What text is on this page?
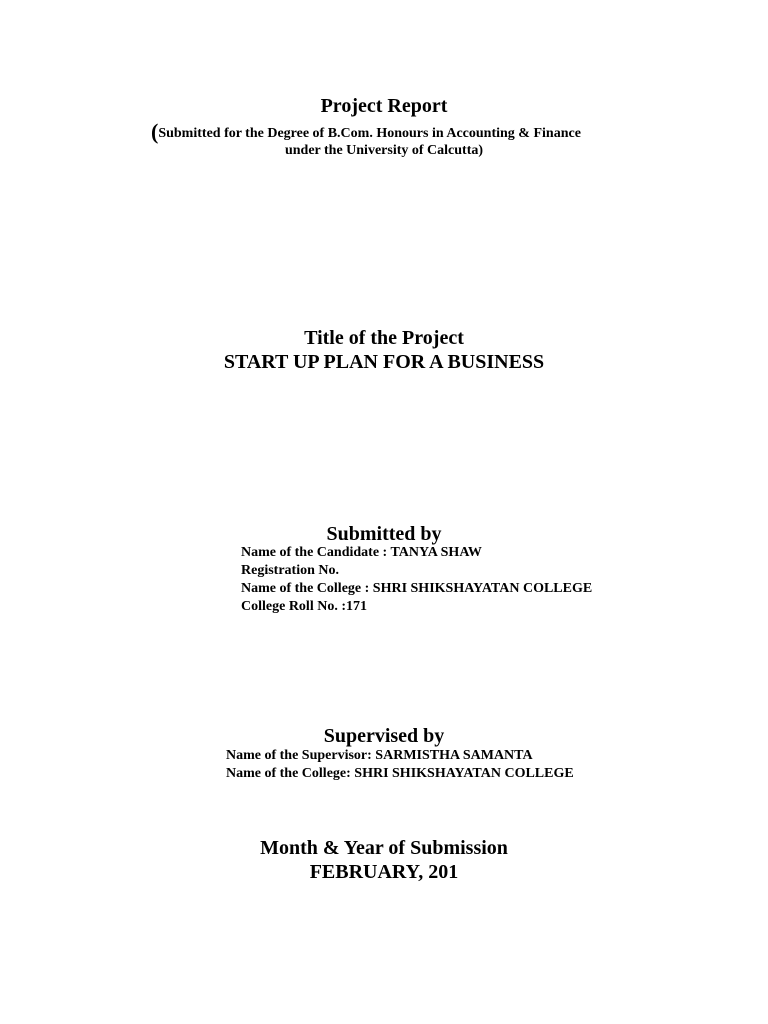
Project Report
(Submitted for the Degree of B.Com. Honours in Accounting & Finance
under the University of Calcutta)
Title of the Project
START UP PLAN FOR A BUSINESS
Submitted by
Name of the Candidate : TANYA SHAW
Registration No.
Name of the College : SHRI SHIKSHAYATAN COLLEGE
College Roll No. :171
Supervised by
Name of the Supervisor: SARMISTHA SAMANTA
Name of the College: SHRI SHIKSHAYATAN COLLEGE
Month & Year of Submission
FEBRUARY, 201
